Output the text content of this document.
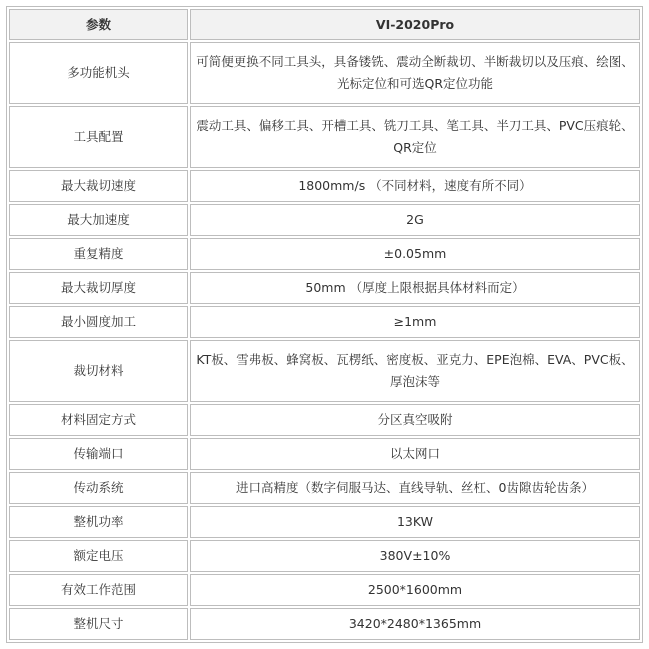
参数	VI-2020Pro
多功能机头	可简便更换不同工具头，具备镂铣、震动全断裁切、半断裁切以及压痕、绘图、光标定位和可选QR定位功能
工具配置	震动工具、偏移工具、开槽工具、铣刀工具、笔工具、半刀工具、PVC压痕轮、QR定位
最大裁切速度	1800mm/s （不同材料，速度有所不同）
最大加速度	2G
重复精度	±0.05mm
最大裁切厚度	50mm （厚度上限根据具体材料而定）
最小圆度加工	≥1mm
裁切材料	KT板、雪弗板、蜂窝板、瓦楞纸、密度板、亚克力、EPE泡棉、EVA、PVC板、厚泡沫等
材料固定方式	分区真空吸附
传输端口	以太网口
传动系统	进口高精度（数字伺服马达、直线导轨、丝杠、0齿隙齿轮齿条）
整机功率	13KW
额定电压	380V±10%
有效工作范围	2500*1600mm
整机尺寸	3420*2480*1365mm
